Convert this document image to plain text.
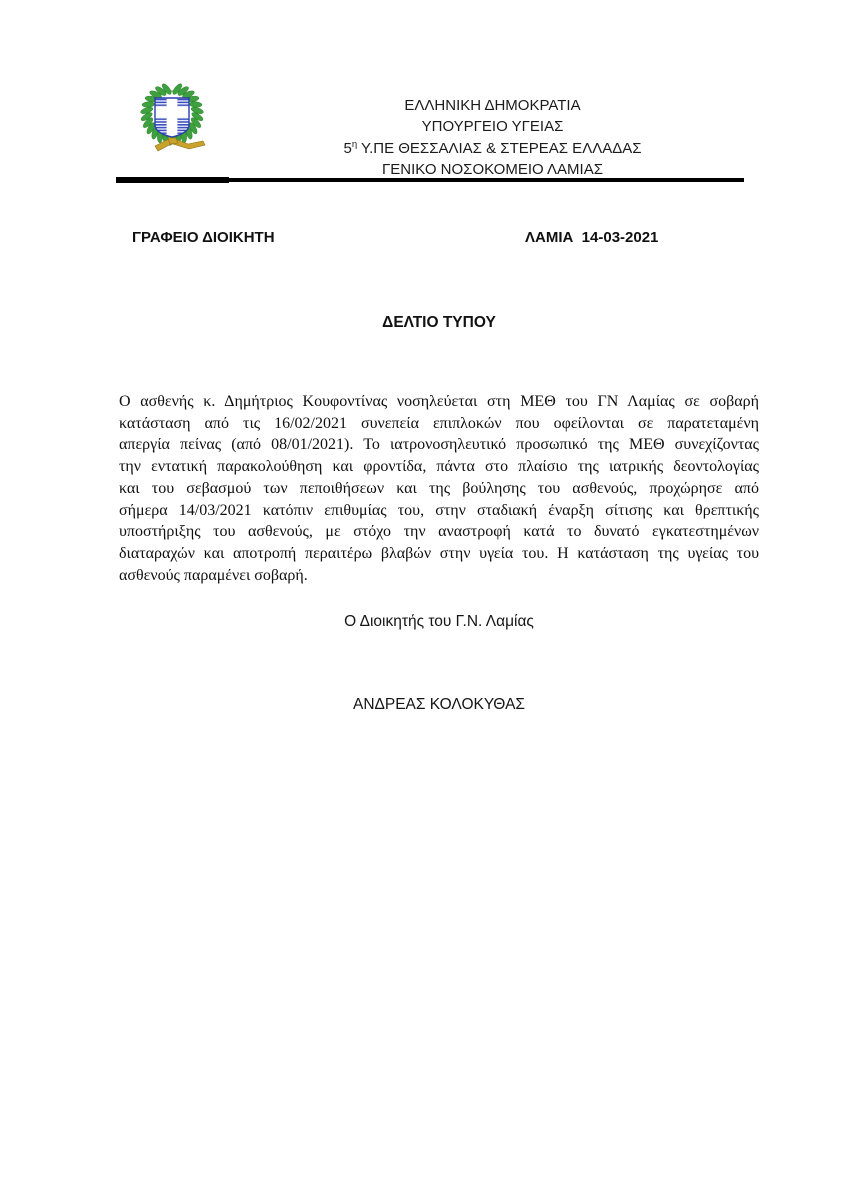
ΕΛΛΗΝΙΚΗ ΔΗΜΟΚΡΑΤΙΑ
ΥΠΟΥΡΓΕΙΟ ΥΓΕΙΑΣ
$5^\eta$ Υ.ΠΕ ΘΕΣΣΑΛΙΑΣ & ΣΤΕΡΕΑΣ ΕΛΛΑΔΑΣ
ΓΕΝΙΚΟ ΝΟΣΟΚΟΜΕΙΟ ΛΑΜΙΑΣ
ΓΡΑΦΕΙΟ ΔΙΟΙΚΗΤΗ	ΛΑΜΙΑ  14-03-2021
ΔΕΛΤΙΟ ΤΥΠΟΥ
Ο ασθενής κ. Δημήτριος Κουφοντίνας νοσηλεύεται στη ΜΕΘ του ΓΝ Λαμίας σε σοβαρή
κατάσταση από τις 16/02/2021 συνεπεία επιπλοκών που οφείλονται σε παρατεταμένη
απεργία πείνας (από 08/01/2021). Το ιατρονοσηλευτικό προσωπικό της ΜΕΘ συνεχίζοντας
την εντατική παρακολούθηση και φροντίδα, πάντα στο πλαίσιο της ιατρικής δεοντολογίας
και του σεβασμού των πεποιθήσεων και της βούλησης του ασθενούς, προχώρησε από
σήμερα 14/03/2021 κατόπιν επιθυμίας του, στην σταδιακή έναρξη σίτισης και θρεπτικής
υποστήριξης του ασθενούς, με στόχο την αναστροφή κατά το δυνατό εγκατεστημένων
διαταραχών και αποτροπή περαιτέρω βλαβών στην υγεία του. Η κατάσταση της υγείας του
ασθενούς παραμένει σοβαρή.
Ο Διοικητής του Γ.Ν. Λαμίας
ΑΝΔΡΕΑΣ ΚΟΛΟΚΥΘΑΣ
